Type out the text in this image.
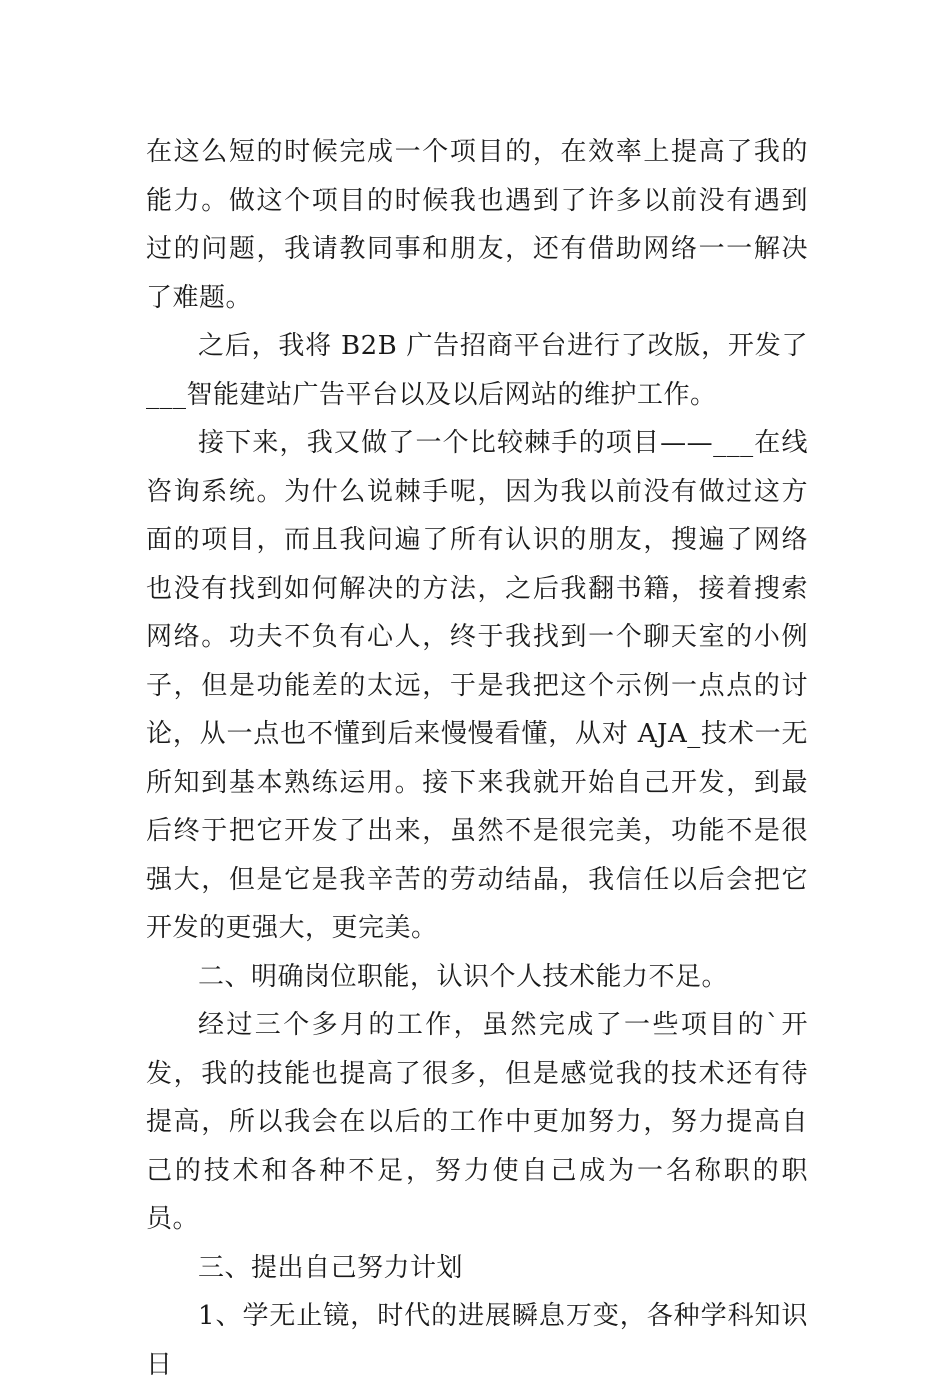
在这么短的时候完成一个项目的，在效率上提高了我的能力。做这个项目的时候我也遇到了许多以前没有遇到过的问题，我请教同事和朋友，还有借助网络一一解决了难题。

之后，我将 B2B 广告招商平台进行了改版，开发了___智能建站广告平台以及以后网站的维护工作。

接下来，我又做了一个比较棘手的项目——___在线咨询系统。为什么说棘手呢，因为我以前没有做过这方面的项目，而且我问遍了所有认识的朋友，搜遍了网络也没有找到如何解决的方法，之后我翻书籍，接着搜索网络。功夫不负有心人，终于我找到一个聊天室的小例子，但是功能差的太远，于是我把这个示例一点点的讨论，从一点也不懂到后来慢慢看懂，从对 AJA_技术一无所知到基本熟练运用。接下来我就开始自己开发，到最后终于把它开发了出来，虽然不是很完美，功能不是很强大，但是它是我辛苦的劳动结晶，我信任以后会把它开发的更强大，更完美。

二、明确岗位职能，认识个人技术能力不足。

经过三个多月的工作，虽然完成了一些项目的`开发，我的技能也提高了很多，但是感觉我的技术还有待提高，所以我会在以后的工作中更加努力，努力提高自己的技术和各种不足，努力使自己成为一名称职的职员。

三、提出自己努力计划

1、学无止镜，时代的进展瞬息万变，各种学科知识日
